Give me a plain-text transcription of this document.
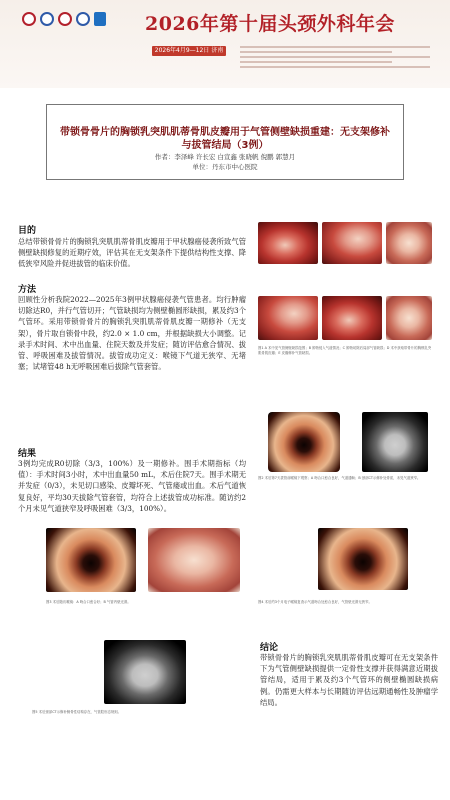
2026年第十届头颈外科年会
2026年4月9—12日 济南
带锁骨骨片的胸锁乳突肌肌蒂骨肌皮瓣用于气管侧壁缺损重建：无支架修补与拔管结局（3例）
作者：李泽峰 许长宏 白宣鑫 张晓帆 倪鹏 郭慧月
单位：丹东市中心医院
目的
总结带锁骨骨片的胸锁乳突肌肌蒂骨肌皮瓣用于甲状腺癌侵袭所致气管侧壁缺损修复的近期疗效，评估其在无支架条件下提供结构性支撑、降低狭窄风险并促进拔管的临床价值。
方法
回顾性分析我院2022—2025年3例甲状腺癌侵袭气管患者。均行肿瘤切除达R0，并行气管切开；气管缺损均为侧壁椭圆形缺损，累及约3个气管环。采用带锁骨骨片的胸锁乳突肌肌蒂骨肌皮瓣一期修补（无支架），骨片取自锁骨中段，约2.0 × 1.0 cm，并根据缺损大小调整。记录手术时间、术中出血量、住院天数及并发症；随访评估愈合情况、拔管、呼吸困难及拔管情况。拔管成功定义：喉镜下气道无狭窄、无堵塞；试堵管48 h无呼吸困难后拔除气管套管。
结果
3例均完成R0切除（3/3，100%）及一期修补。围手术期指标（均值）：手术时间3小时，术中出血量50 mL，术后住院7天。围手术期无并发症（0/3），未见切口感染、皮瓣坏死、气管瘘或出血。术后气道恢复良好，平均30天拔除气管套管，均符合上述拔管成功标准。随访约2个月未见气道狭窄及呼吸困难（3/3，100%）。
图1 A 术中见气管侧壁缺损范围；B 肿物侵入气道情况；C 肿物切除后局部气管缺损；D 术中获取带骨片的胸锁乳突肌骨肌皮瓣；E 皮瓣修补气管缺损。
图2 术后第7天拔管前喉镜下观察；A 吻合口愈合良好，气道通畅；B 颈部CT示修补处骨质，未见气道狭窄。
图3 术后随访喉镜：A 吻合口愈合好；B 气管内壁光滑。	图4 术后约3个月电子喉镜复查示气道吻合处愈合良好，气管壁光滑无狭窄。
图5 术后颈部CT示修补侧骨性结构存在，气管腔形态规则。
结论
带锁骨骨片的胸锁乳突肌肌蒂骨肌皮瓣可在无支架条件下为气管侧壁缺损提供一定骨性支撑并获得满意近期拔管结局，适用于累及约3个气管环的侧壁椭圆缺损病例。仍需更大样本与长期随访评估远期通畅性及肿瘤学结局。
